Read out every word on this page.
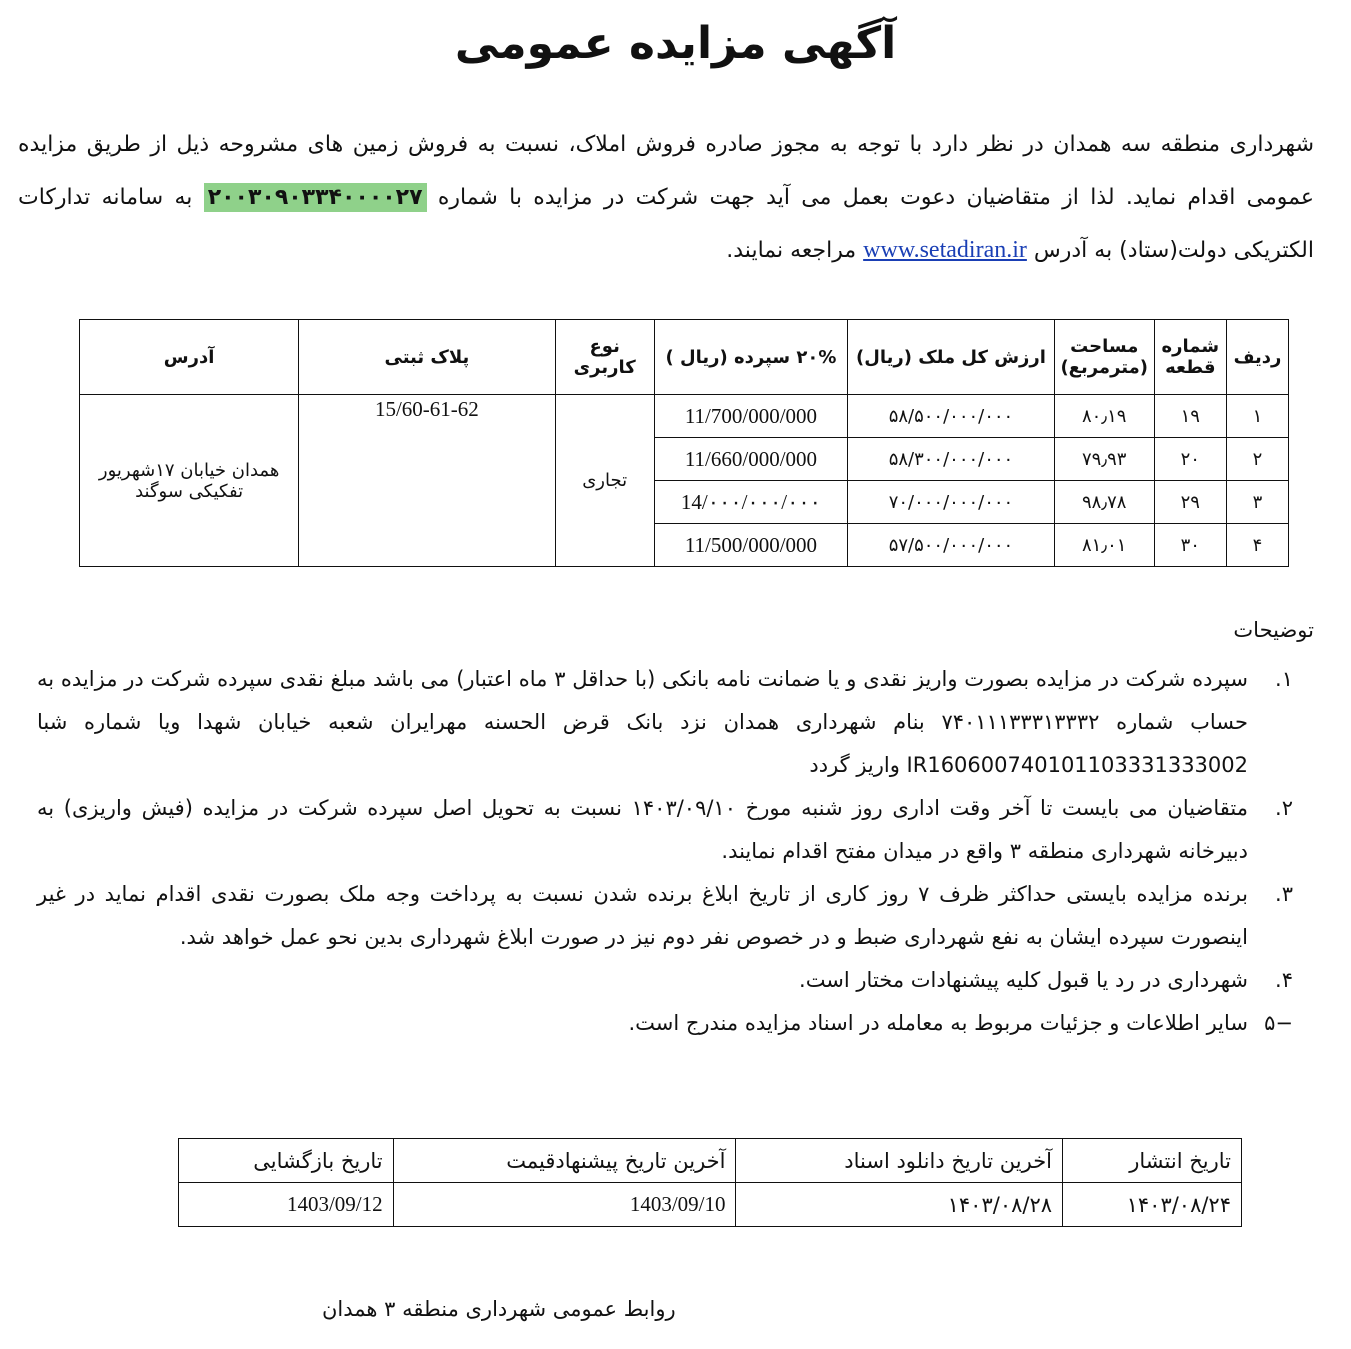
آگهی مزایده عمومی
شهرداری منطقه سه همدان در نظر دارد با توجه به مجوز صادره فروش املاک، نسبت به فروش زمین های مشروحه ذیل از طریق مزایده عمومی اقدام نماید. لذا از متقاضیان دعوت بعمل می آید جهت شرکت در مزایده با شماره ۲۰۰۳۰۹۰۳۳۴۰۰۰۰۲۷ به سامانه تدارکات الکتریکی دولت(ستاد) به آدرس www.setadiran.ir مراجعه نمایند.
ردیف	شماره قطعه	مساحت (مترمربع)	ارزش کل ملک (ریال)	۲۰% سپرده (ریال )	نوع کاربری	پلاک ثبتی	آدرس
۱	۱۹	۸۰٫۱۹	۵۸/۵۰۰/۰۰۰/۰۰۰	11/700/000/000	تجاری	15/60-61-62	همدان خیابان ۱۷شهریور
تفکیکی سوگند

۲	۲۰	۷۹٫۹۳	۵۸/۳۰۰/۰۰۰/۰۰۰	11/660/000/000			
۳	۲۹	۹۸٫۷۸	۷۰/۰۰۰/۰۰۰/۰۰۰	14/۰۰۰/۰۰۰/۰۰۰			
۴	۳۰	۸۱٫۰۱	۵۷/۵۰۰/۰۰۰/۰۰۰	11/500/000/000			
توضیحات
۱.
سپرده شرکت در مزایده بصورت واریز نقدی و یا ضمانت نامه بانکی (با حداقل ۳ ماه اعتبار) می باشد مبلغ نقدی سپرده شرکت در مزایده به حساب شماره ۷۴۰۱۱۱۳۳۳۱۳۳۳۲ بنام شهرداری همدان نزد بانک قرض الحسنه مهرایران شعبه خیابان شهدا ویا شماره شبا IR160600740101103331333002 واریز گردد
۲.
متقاضیان می بایست تا آخر وقت اداری روز شنبه مورخ ۱۴۰۳/۰۹/۱۰ نسبت به تحویل اصل سپرده شرکت در مزایده (فیش واریزی) به دبیرخانه شهرداری منطقه ۳ واقع در میدان مفتح اقدام نمایند.
۳.
برنده مزایده بایستی حداکثر ظرف ۷ روز کاری از تاریخ ابلاغ برنده شدن نسبت به پرداخت وجه ملک بصورت نقدی اقدام نماید در غیر اینصورت سپرده ایشان به نفع شهرداری ضبط و در خصوص نفر دوم نیز در صورت ابلاغ شهرداری بدین نحو عمل خواهد شد.
۴.
شهرداری در رد یا قبول کلیه پیشنهادات مختار است.
−۵
سایر اطلاعات و جزئیات مربوط به معامله در اسناد مزایده مندرج است.
تاریخ انتشار	آخرین تاریخ دانلود اسناد	آخرین تاریخ پیشنهادقیمت	تاریخ بازگشایی
۱۴۰۳/۰۸/۲۴	۱۴۰۳/۰۸/۲۸	1403/09/10	1403/09/12
روابط عمومی شهرداری منطقه ۳ همدان
